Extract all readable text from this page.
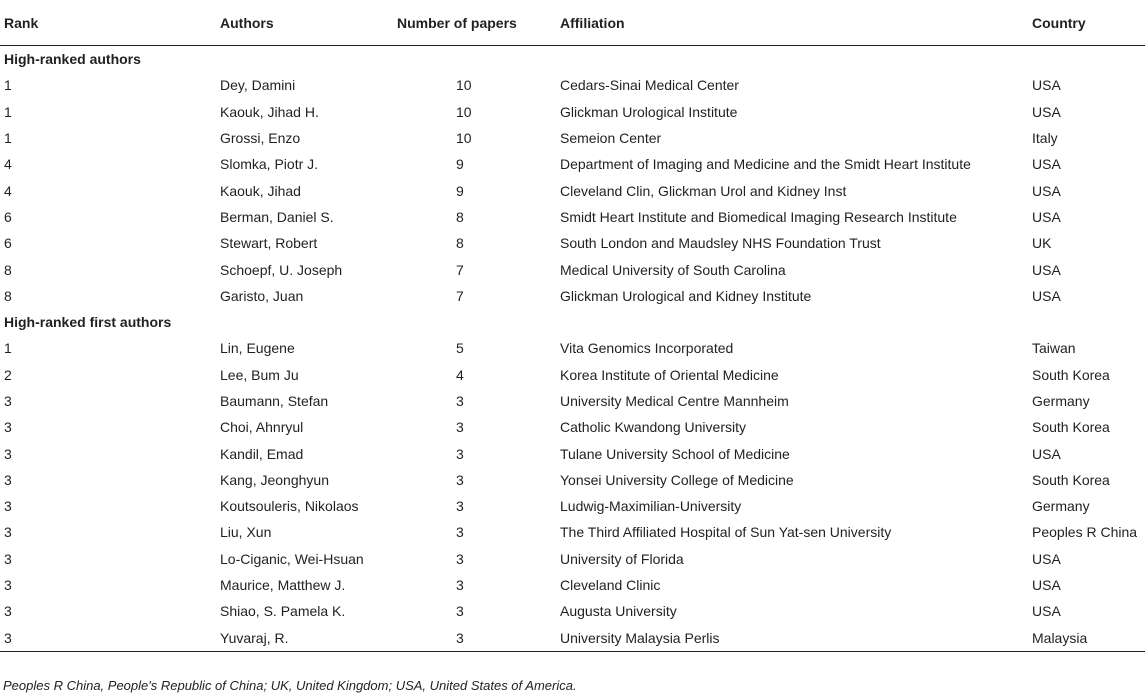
Rank	Authors	Number of papers	Affiliation	Country
High-ranked authors				
1	Dey, Damini	10	Cedars-Sinai Medical Center	USA
1	Kaouk, Jihad H.	10	Glickman Urological Institute	USA
1	Grossi, Enzo	10	Semeion Center	Italy
4	Slomka, Piotr J.	9	Department of Imaging and Medicine and the Smidt Heart Institute	USA
4	Kaouk, Jihad	9	Cleveland Clin, Glickman Urol and Kidney Inst	USA
6	Berman, Daniel S.	8	Smidt Heart Institute and Biomedical Imaging Research Institute	USA
6	Stewart, Robert	8	South London and Maudsley NHS Foundation Trust	UK
8	Schoepf, U. Joseph	7	Medical University of South Carolina	USA
8	Garisto, Juan	7	Glickman Urological and Kidney Institute	USA
High-ranked first authors				
1	Lin, Eugene	5	Vita Genomics Incorporated	Taiwan
2	Lee, Bum Ju	4	Korea Institute of Oriental Medicine	South Korea
3	Baumann, Stefan	3	University Medical Centre Mannheim	Germany
3	Choi, Ahnryul	3	Catholic Kwandong University	South Korea
3	Kandil, Emad	3	Tulane University School of Medicine	USA
3	Kang, Jeonghyun	3	Yonsei University College of Medicine	South Korea
3	Koutsouleris, Nikolaos	3	Ludwig-Maximilian-University	Germany
3	Liu, Xun	3	The Third Affiliated Hospital of Sun Yat-sen University	Peoples R China
3	Lo-Ciganic, Wei-Hsuan	3	University of Florida	USA
3	Maurice, Matthew J.	3	Cleveland Clinic	USA
3	Shiao, S. Pamela K.	3	Augusta University	USA
3	Yuvaraj, R.	3	University Malaysia Perlis	Malaysia
Peoples R China, People's Republic of China; UK, United Kingdom; USA, United States of America.
